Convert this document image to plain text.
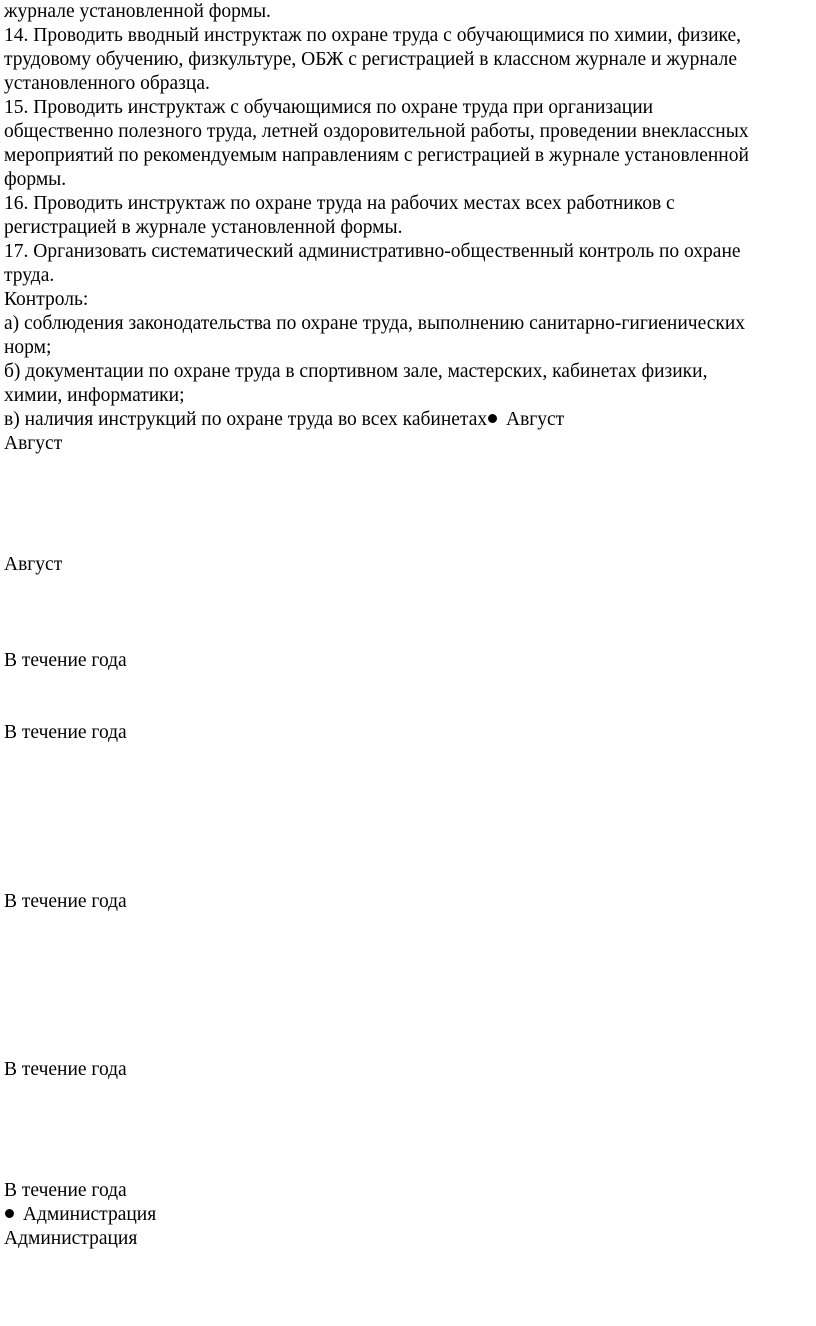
журнале установленной формы.
14. Проводить вводный инструктаж по охране труда с обучающимися по химии, физике,
трудовому обучению, физкультуре, ОБЖ с регистрацией в классном журнале и журнале
установленного образца.
15. Проводить инструктаж с обучающимися по охране труда при организации
общественно полезного труда, летней оздоровительной работы, проведении внеклассных
мероприятий по рекомендуемым направлениям с регистрацией в журнале установленной
формы.
16. Проводить инструктаж по охране труда на рабочих местах всех работников с
регистрацией в журнале установленной формы.
17. Организовать систематический административно-общественный контроль по охране
труда.
Контроль:
а) соблюдения законодательства по охране труда, выполнению санитарно-гигиенических
норм;
б) документации по охране труда в спортивном зале, мастерских, кабинетах физики,
химии, информатики;
в) наличия инструкций по охране труда во всех кабинетах Август
Август
Август
В течение года
В течение года
В течение года
В течение года
В течение года
Администрация
Администрация
